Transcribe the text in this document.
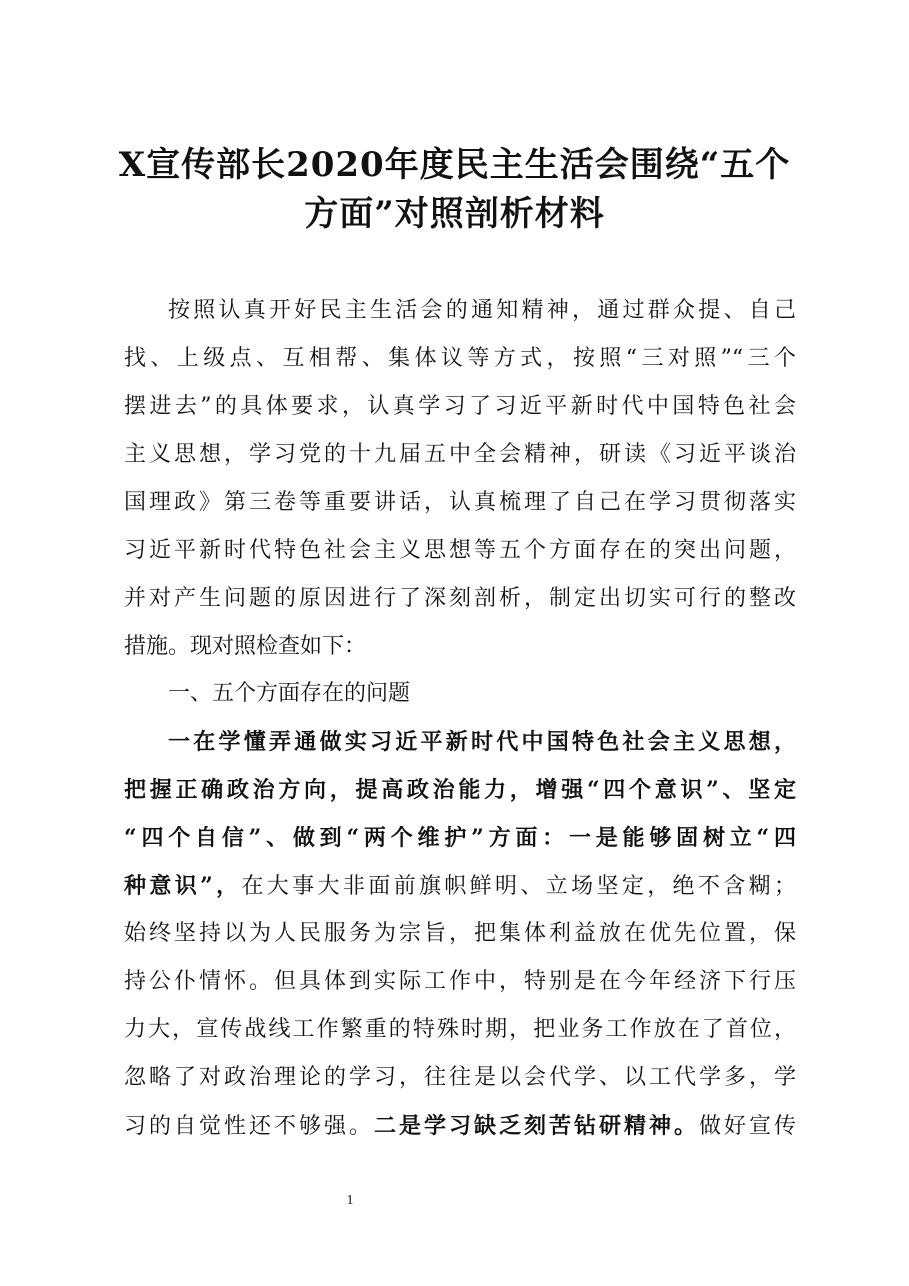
X宣传部长2020年度民主生活会围绕“五个
方面”对照剖析材料
按照认真开好民主生活会的通知精神，通过群众提、自己
找、上级点、互相帮、集体议等方式，按照“三对照”“三个
摆进去”的具体要求，认真学习了习近平新时代中国特色社会
主义思想，学习党的十九届五中全会精神，研读《习近平谈治
国理政》第三卷等重要讲话，认真梳理了自己在学习贯彻落实
习近平新时代特色社会主义思想等五个方面存在的突出问题，
并对产生问题的原因进行了深刻剖析，制定出切实可行的整改
措施。现对照检查如下：
一、五个方面存在的问题
一在学懂弄通做实习近平新时代中国特色社会主义思想，
把握正确政治方向，提高政治能力，增强“四个意识”、坚定
“四个自信”、做到“两个维护”方面：一是能够固树立“四
种意识”，在大事大非面前旗帜鲜明、立场坚定，绝不含糊；
始终坚持以为人民服务为宗旨，把集体利益放在优先位置，保
持公仆情怀。但具体到实际工作中，特别是在今年经济下行压
力大，宣传战线工作繁重的特殊时期，把业务工作放在了首位，
忽略了对政治理论的学习，往往是以会代学、以工代学多，学
习的自觉性还不够强。二是学习缺乏刻苦钻研精神。做好宣传
1
